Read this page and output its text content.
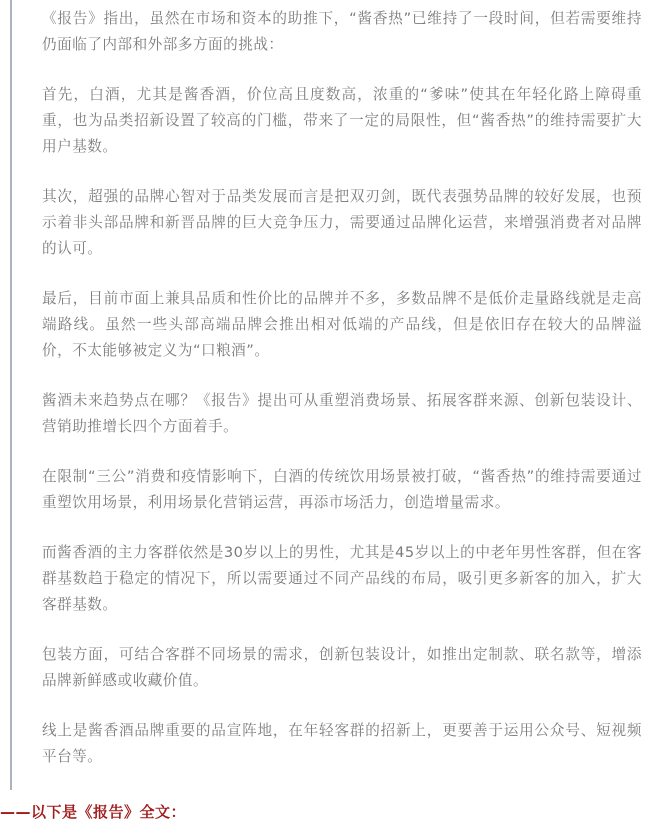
《报告》指出，虽然在市场和资本的助推下，“酱香热”已维持了一段时间，但若需要维持仍面临了内部和外部多方面的挑战：

首先，白酒，尤其是酱香酒，价位高且度数高，浓重的“爹味”使其在年轻化路上障碍重重，也为品类招新设置了较高的门槛，带来了一定的局限性，但“酱香热”的维持需要扩大用户基数。

其次，超强的品牌心智对于品类发展而言是把双刃剑，既代表强势品牌的较好发展，也预示着非头部品牌和新晋品牌的巨大竞争压力，需要通过品牌化运营，来增强消费者对品牌的认可。

最后，目前市面上兼具品质和性价比的品牌并不多，多数品牌不是低价走量路线就是走高端路线。虽然一些头部高端品牌会推出相对低端的产品线，但是依旧存在较大的品牌溢价，不太能够被定义为“口粮酒”。

酱酒未来趋势点在哪？《报告》提出可从重塑消费场景、拓展客群来源、创新包装设计、营销助推增长四个方面着手。

在限制“三公”消费和疫情影响下，白酒的传统饮用场景被打破，“酱香热”的维持需要通过重塑饮用场景，利用场景化营销运营，再添市场活力，创造增量需求。

而酱香酒的主力客群依然是30岁以上的男性，尤其是45岁以上的中老年男性客群，但在客群基数趋于稳定的情况下，所以需要通过不同产品线的布局，吸引更多新客的加入，扩大客群基数。

包装方面，可结合客群不同场景的需求，创新包装设计，如推出定制款、联名款等，增添品牌新鲜感或收藏价值。

线上是酱香酒品牌重要的品宣阵地，在年轻客群的招新上，更要善于运用公众号、短视频平台等。

——以下是《报告》全文：
